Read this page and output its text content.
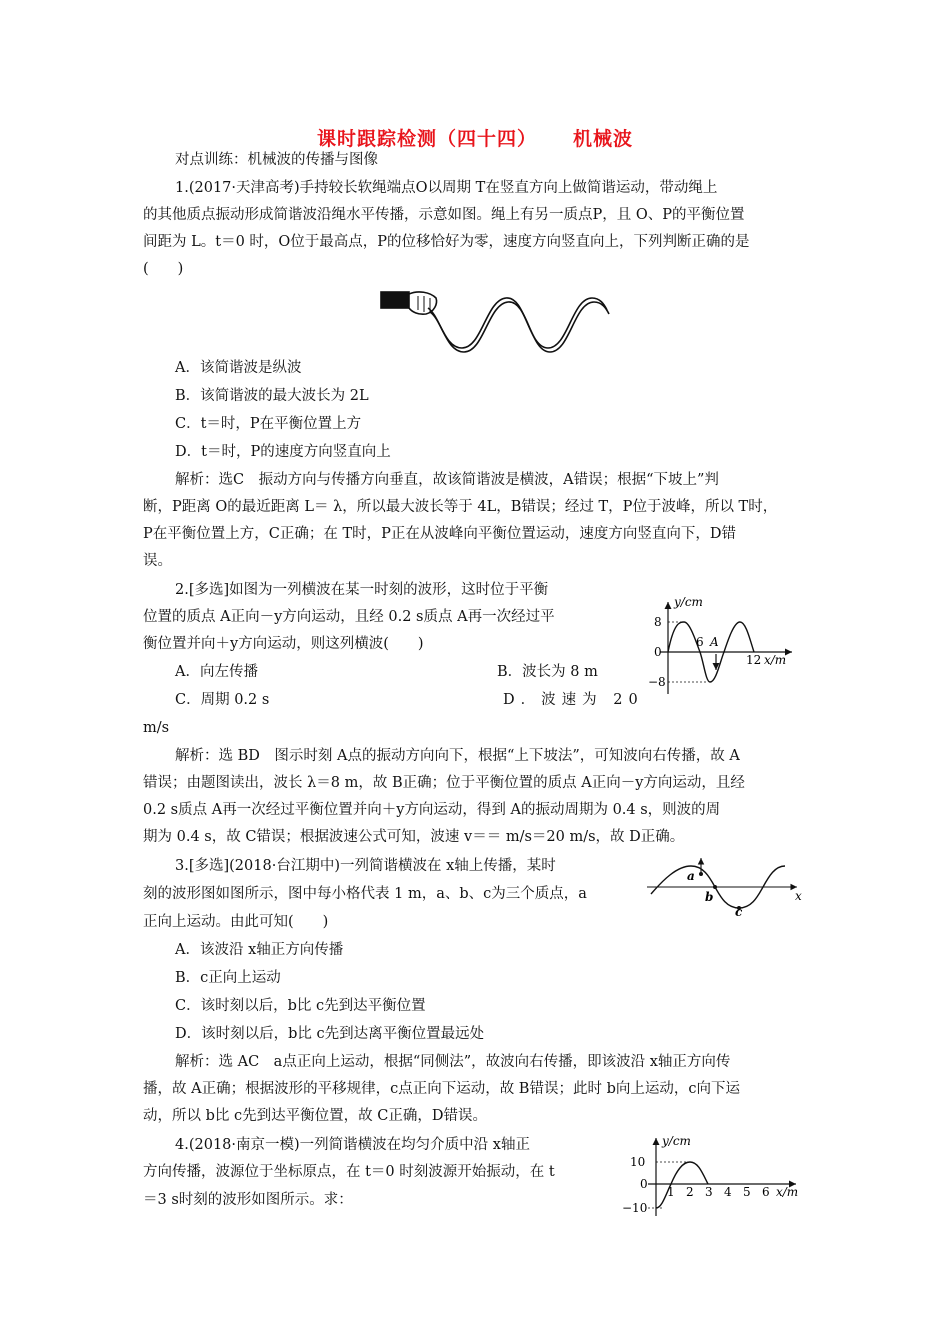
课时跟踪检测（四十四） 机械波
对点训练：机械波的传播与图像
1.(2017·天津高考)手持较长软绳端点O以周期 T在竖直方向上做简谐运动，带动绳上
的其他质点振动形成简谐波沿绳水平传播，示意如图。绳上有另一质点P，且 O、P的平衡位置
间距为 L。t＝0 时，O位于最高点，P的位移恰好为零，速度方向竖直向上，下列判断正确的是
(　　)
A．该简谐波是纵波
B．该简谐波的最大波长为 2L
C．t＝时，P在平衡位置上方
D．t＝时，P的速度方向竖直向上
解析：选C　振动方向与传播方向垂直，故该简谐波是横波，A错误；根据“下坡上”判
断，P距离 O的最近距离 L＝ λ，所以最大波长等于 4L，B错误；经过 T，P位于波峰，所以 T时，
P在平衡位置上方，C正确；在 T时，P正在从波峰向平衡位置运动，速度方向竖直向下，D错
误。
2.[多选]如图为一列横波在某一时刻的波形，这时位于平衡
位置的质点 A正向－y方向运动，且经 0.2 s质点 A再一次经过平
衡位置并向＋y方向运动，则这列横波(　　)
A．向左传播	B．波长为 8 m
C．周期 0.2 s	D．波速为 20
m/s
y/cm
8
0
−8
6 A
12 x/m
解析：选 BD　图示时刻 A点的振动方向向下，根据“上下坡法”，可知波向右传播，故 A
错误；由题图读出，波长 λ＝8 m，故 B正确；位于平衡位置的质点 A正向－y方向运动，且经
0.2 s质点 A再一次经过平衡位置并向＋y方向运动，得到 A的振动周期为 0.4 s，则波的周
期为 0.4 s，故 C错误；根据波速公式可知，波速 v＝＝ m/s＝20 m/s，故 D正确。
3.[多选](2018·台江期中)一列简谐横波在 x轴上传播，某时
刻的波形图如图所示，图中每小格代表 1 m，a、b、c为三个质点，a
正向上运动。由此可知(　　)
a
b
c
x
A．该波沿 x轴正方向传播
B．c正向上运动
C．该时刻以后，b比 c先到达平衡位置
D．该时刻以后，b比 c先到达离平衡位置最远处
解析：选 AC　a点正向上运动，根据“同侧法”，故波向右传播，即该波沿 x轴正方向传
播，故 A正确；根据波形的平移规律，c点正向下运动，故 B错误；此时 b向上运动，c向下运
动，所以 b比 c先到达平衡位置，故 C正确，D错误。
4.(2018·南京一模)一列简谐横波在均匀介质中沿 x轴正
方向传播，波源位于坐标原点，在 t＝0 时刻波源开始振动，在 t
＝3 s时刻的波形如图所示。求：
y/cm
10
0
−10
1 2 3 4 5 6 x/m
